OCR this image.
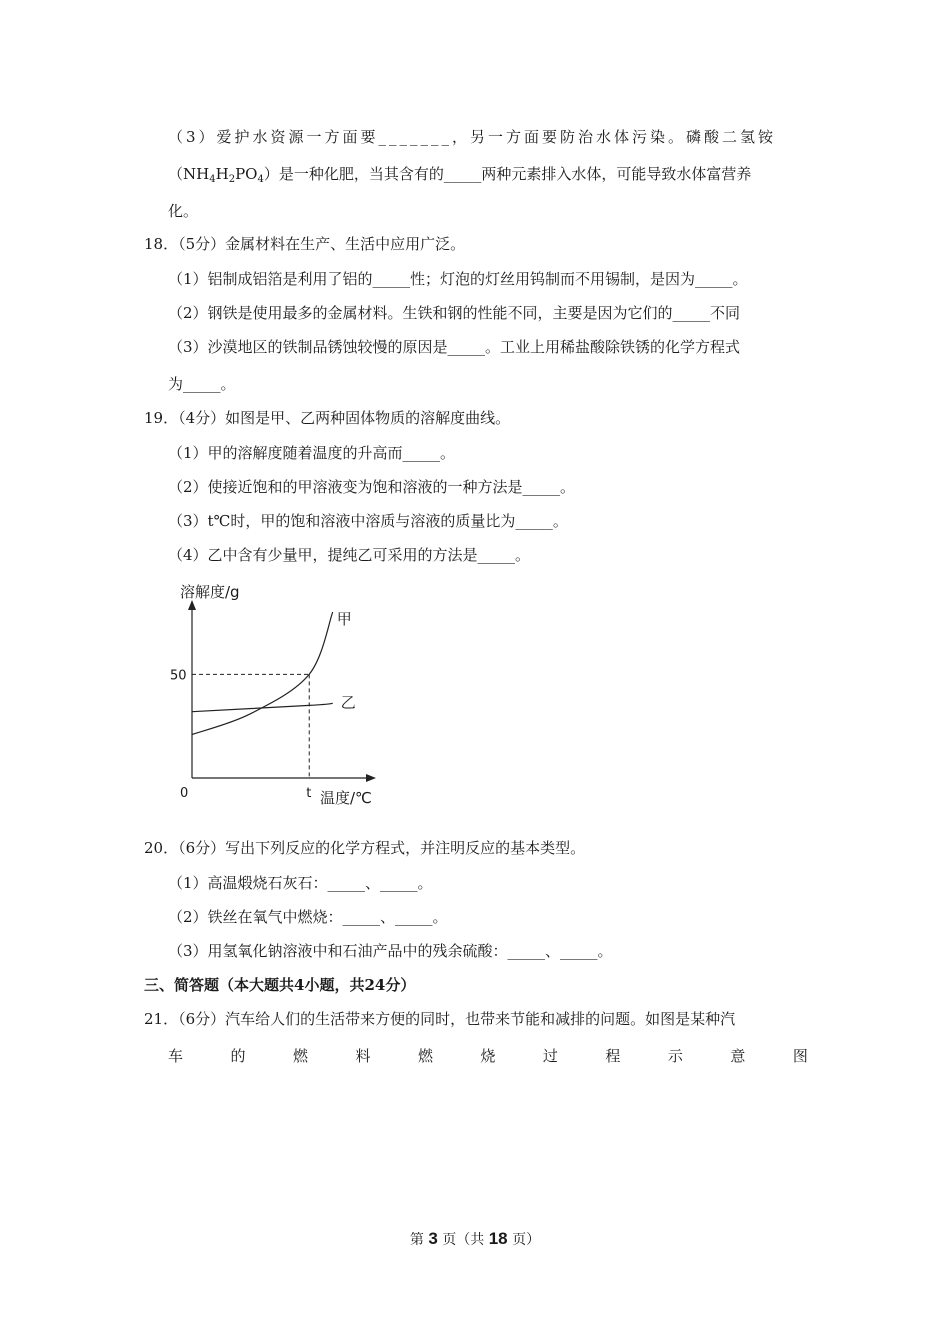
（3）爱护水资源一方面要_______，另一方面要防治水体污染。磷酸二氢铵
$(NH_4H_2PO_4)$是一种化肥，当其含有的_____两种元素排入水体，可能导致水体富营养
化。
18．（5分）金属材料在生产、生活中应用广泛。
（1）铝制成铝箔是利用了铝的_____性；灯泡的灯丝用钨制而不用锡制，是因为_____。
（2）钢铁是使用最多的金属材料。生铁和钢的性能不同，主要是因为它们的_____不同
（3）沙漠地区的铁制品锈蚀较慢的原因是_____。工业上用稀盐酸除铁锈的化学方程式
为_____。
19．（4分）如图是甲、乙两种固体物质的溶解度曲线。
（1）甲的溶解度随着温度的升高而_____。
（2）使接近饱和的甲溶液变为饱和溶液的一种方法是_____。
（3）t℃时，甲的饱和溶液中溶质与溶液的质量比为_____。
（4）乙中含有少量甲，提纯乙可采用的方法是_____。
溶解度/g
温度/℃
0	t
50
甲
乙
20．（6分）写出下列反应的化学方程式，并注明反应的基本类型。
（1）高温煅烧石灰石：_____、_____。
（2）铁丝在氧气中燃烧：_____、_____。
（3）用氢氧化钠溶液中和石油产品中的残余硫酸：_____、_____。
三、简答题（本大题共4小题，共24分）
21．（6分）汽车给人们的生活带来方便的同时，也带来节能和减排的问题。如图是某种汽
车	的	燃	料	燃	烧	过	程	示	意	图
第 3 页（共 18 页）
